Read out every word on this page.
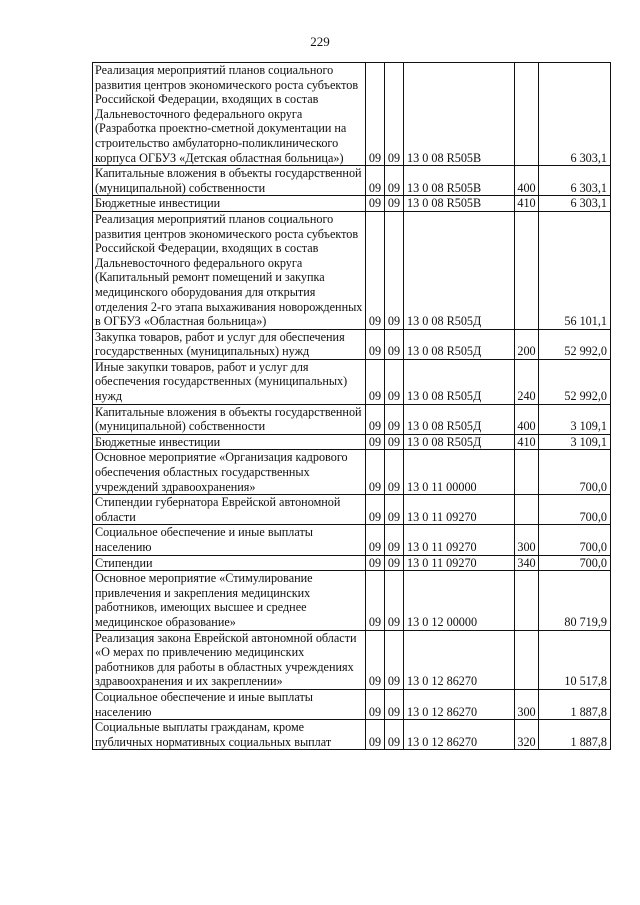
229
Реализация мероприятий планов социального развития центров экономического роста субъектов Российской Федерации, входящих в состав Дальневосточного федерального округа (Разработка проектно-сметной документации на строительство амбулаторно-поликлинического корпуса ОГБУЗ «Детская областная больница»)	09	09	13 0 08 R505В		6 303,1
Капитальные вложения в объекты государственной (муниципальной) собственности	09	09	13 0 08 R505В	400	6 303,1
Бюджетные инвестиции	09	09	13 0 08 R505В	410	6 303,1
Реализация мероприятий планов социального развития центров экономического роста субъектов Российской Федерации, входящих в состав Дальневосточного федерального округа (Капитальный ремонт помещений и закупка медицинского оборудования для открытия отделения 2-го этапа выхаживания новорожденных в ОГБУЗ «Областная больница»)	09	09	13 0 08 R505Д		56 101,1
Закупка товаров, работ и услуг для обеспечения государственных (муниципальных) нужд	09	09	13 0 08 R505Д	200	52 992,0
Иные закупки товаров, работ и услуг для обеспечения государственных (муниципальных) нужд	09	09	13 0 08 R505Д	240	52 992,0
Капитальные вложения в объекты государственной (муниципальной) собственности	09	09	13 0 08 R505Д	400	3 109,1
Бюджетные инвестиции	09	09	13 0 08 R505Д	410	3 109,1
Основное мероприятие «Организация кадрового обеспечения областных государственных учреждений здравоохранения»	09	09	13 0 11 00000		700,0
Стипендии губернатора Еврейской автономной области	09	09	13 0 11 09270		700,0
Социальное обеспечение и иные выплаты населению	09	09	13 0 11 09270	300	700,0
Стипендии	09	09	13 0 11 09270	340	700,0
Основное мероприятие «Стимулирование привлечения и закрепления медицинских работников, имеющих высшее и среднее медицинское образование»	09	09	13 0 12 00000		80 719,9
Реализация закона Еврейской автономной области «О мерах по привлечению медицинских работников для работы в областных учреждениях здравоохранения и их закреплении»	09	09	13 0 12 86270		10 517,8
Социальное обеспечение и иные выплаты населению	09	09	13 0 12 86270	300	1 887,8
Социальные выплаты гражданам, кроме публичных нормативных социальных выплат	09	09	13 0 12 86270	320	1 887,8
